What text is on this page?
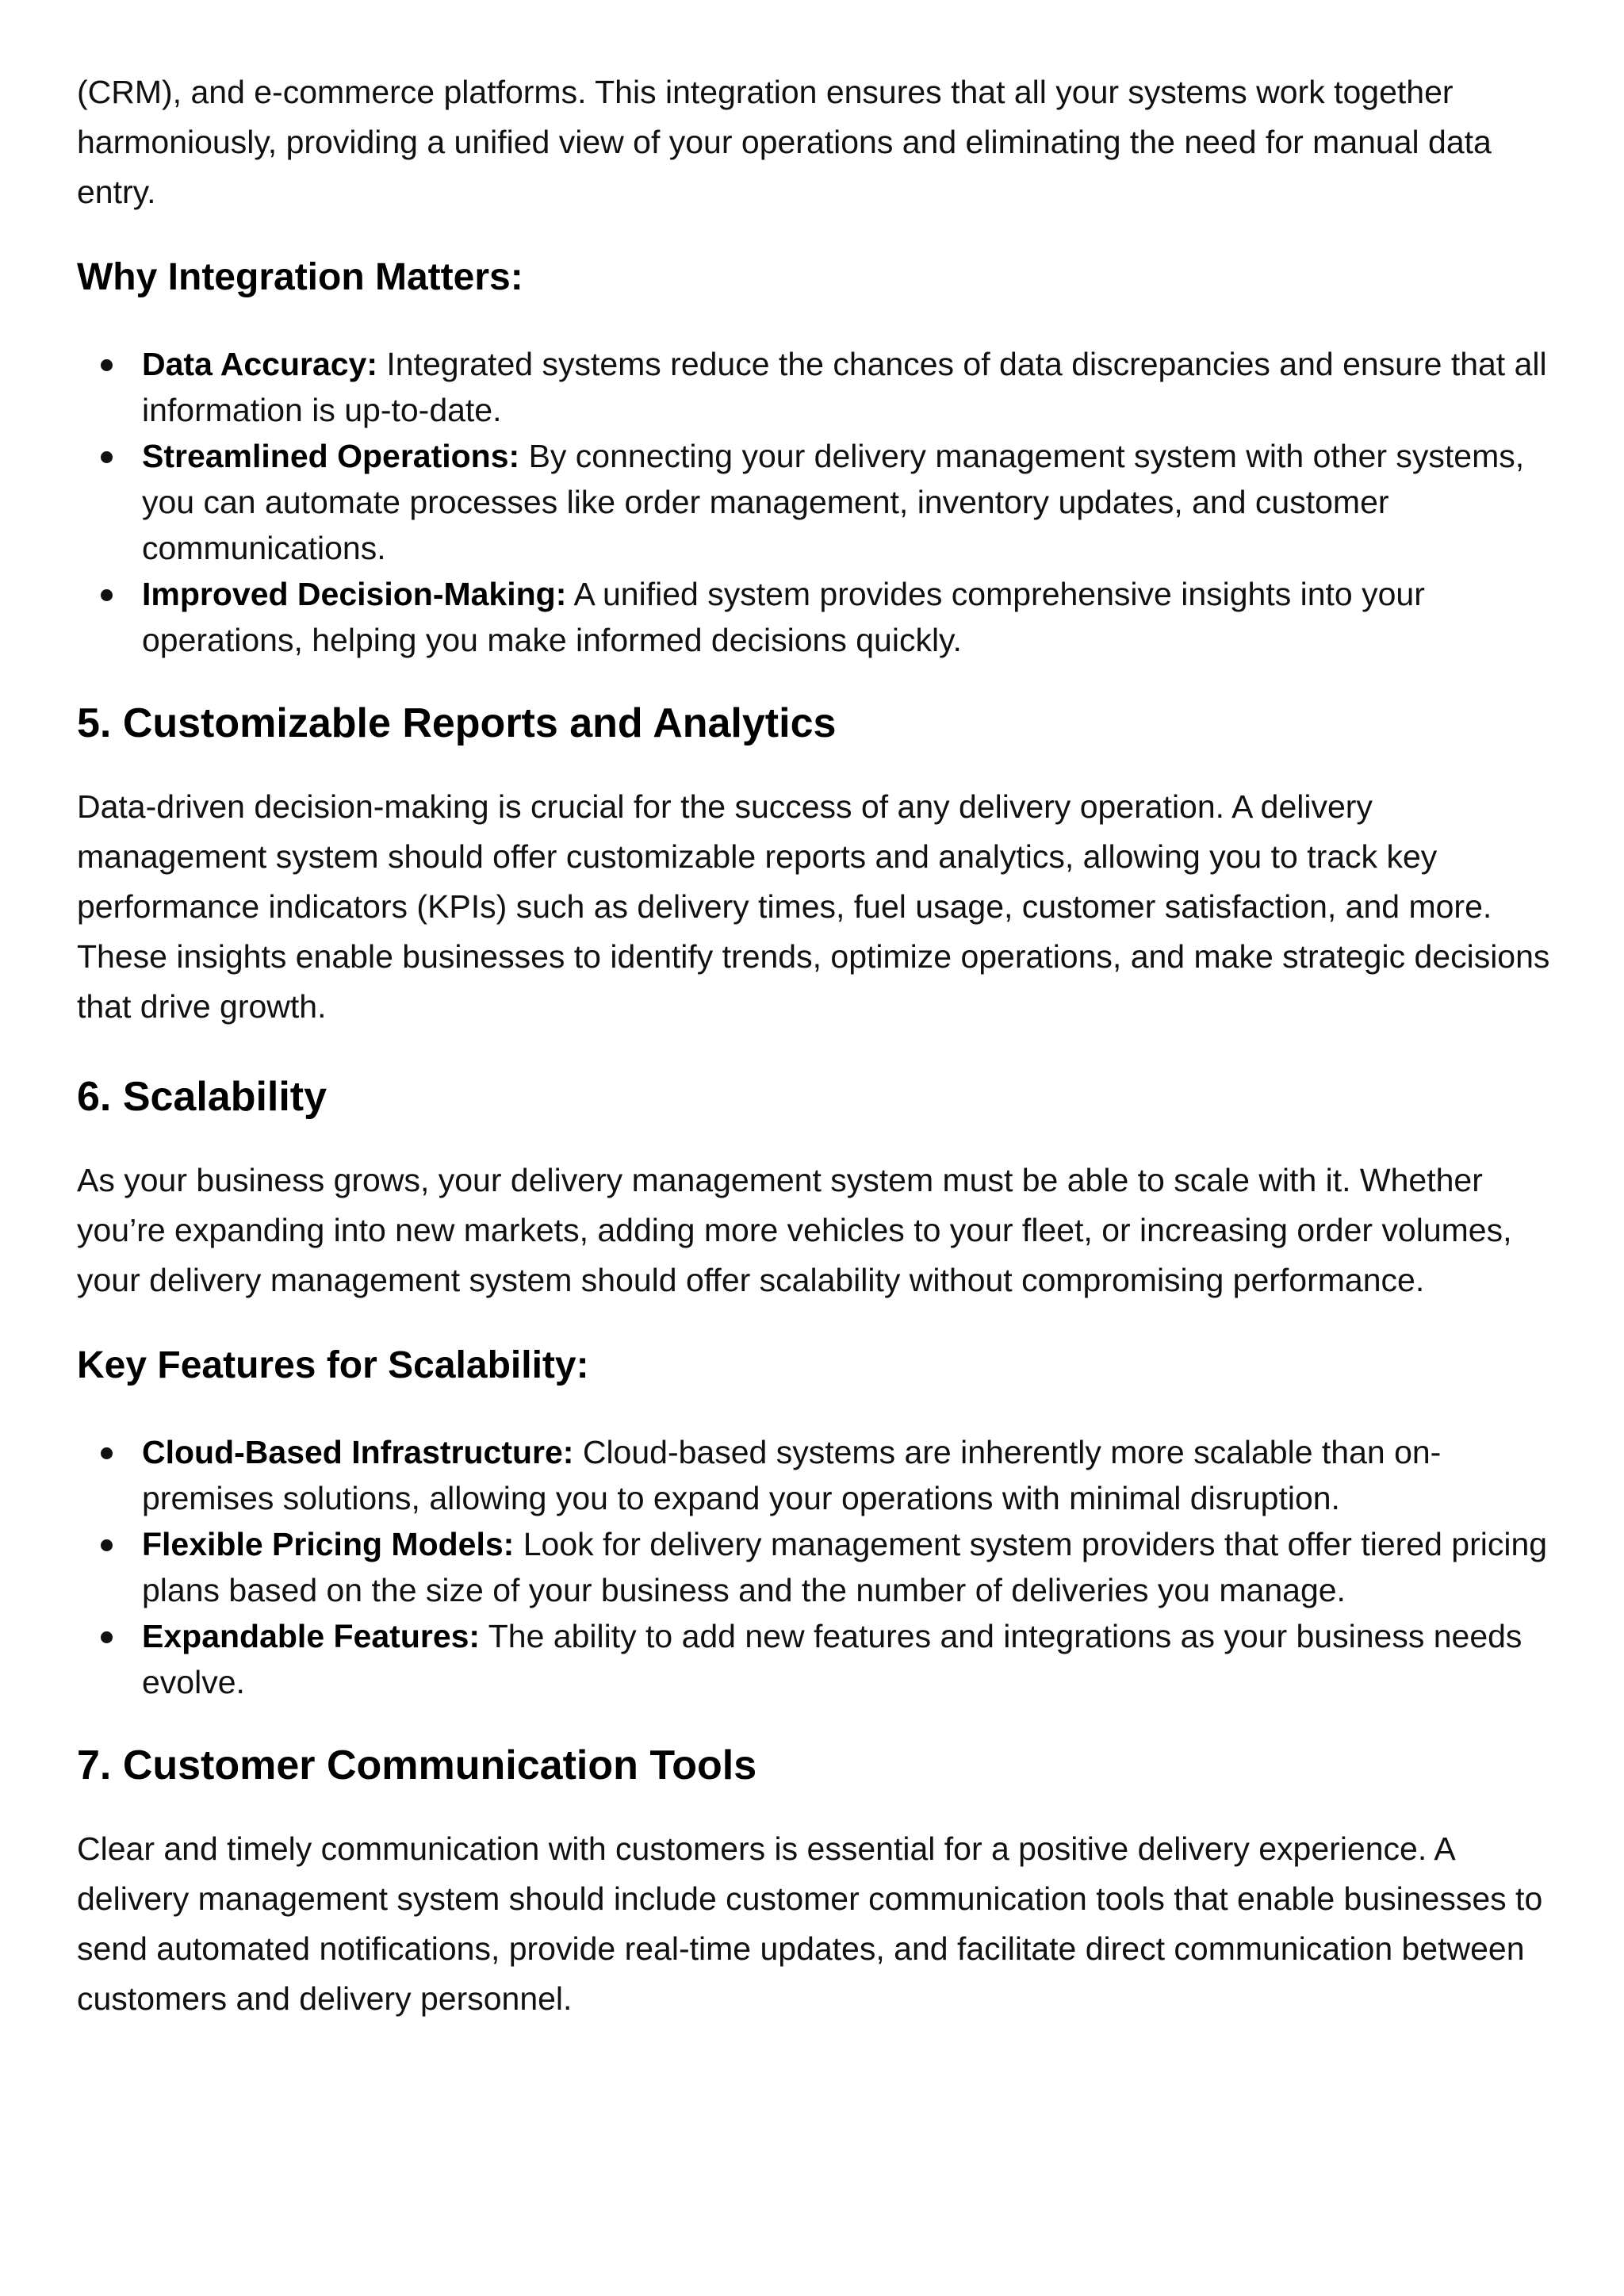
(CRM), and e-commerce platforms. This integration ensures that all your systems work together harmoniously, providing a unified view of your operations and eliminating the need for manual data entry.

Why Integration Matters:
Data Accuracy: Integrated systems reduce the chances of data discrepancies and ensure that all information is up-to-date.
Streamlined Operations: By connecting your delivery management system with other systems, you can automate processes like order management, inventory updates, and customer communications.
Improved Decision-Making: A unified system provides comprehensive insights into your operations, helping you make informed decisions quickly.
5. Customizable Reports and Analytics

Data-driven decision-making is crucial for the success of any delivery operation. A delivery management system should offer customizable reports and analytics, allowing you to track key performance indicators (KPIs) such as delivery times, fuel usage, customer satisfaction, and more. These insights enable businesses to identify trends, optimize operations, and make strategic decisions that drive growth.

6. Scalability

As your business grows, your delivery management system must be able to scale with it. Whether you’re expanding into new markets, adding more vehicles to your fleet, or increasing order volumes, your delivery management system should offer scalability without compromising performance.

Key Features for Scalability:
Cloud-Based Infrastructure: Cloud-based systems are inherently more scalable than on-premises solutions, allowing you to expand your operations with minimal disruption.
Flexible Pricing Models: Look for delivery management system providers that offer tiered pricing plans based on the size of your business and the number of deliveries you manage.
Expandable Features: The ability to add new features and integrations as your business needs evolve.
7. Customer Communication Tools

Clear and timely communication with customers is essential for a positive delivery experience. A delivery management system should include customer communication tools that enable businesses to send automated notifications, provide real-time updates, and facilitate direct communication between customers and delivery personnel.
